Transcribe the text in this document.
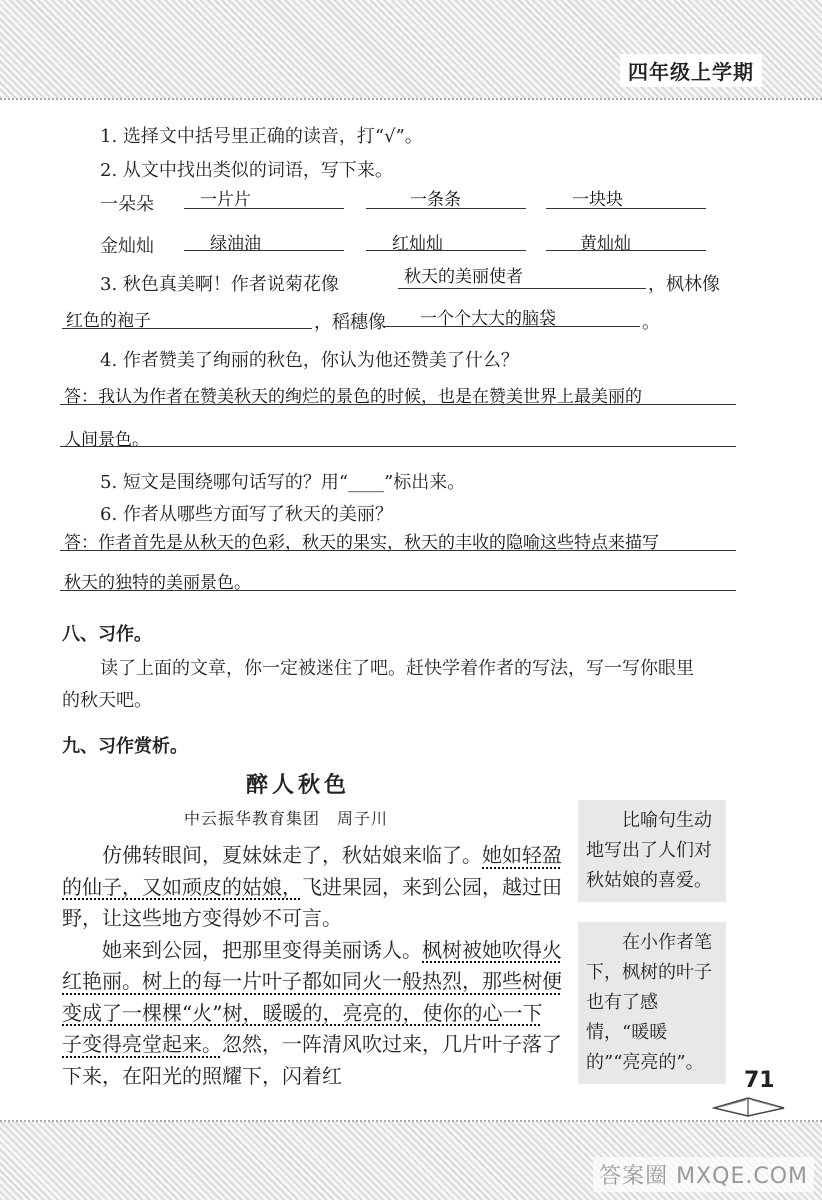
四年级上学期
1. 选择文中括号里正确的读音，打“√”。
2. 从文中找出类似的词语，写下来。
一朵朵	一片片	一条条	一块块
金灿灿	绿油油	红灿灿	黄灿灿
3. 秋色真美啊！作者说菊花像	秋天的美丽使者	，枫林像
红色的袍子	，稻穗像 一个个大大的脑袋	。
4. 作者赞美了绚丽的秋色，你认为他还赞美了什么？
答：我认为作者在赞美秋天的绚烂的景色的时候，也是在赞美世界上最美丽的
人间景色。
5. 短文是围绕哪句话写的？用“____”标出来。
6. 作者从哪些方面写了秋天的美丽？
答：作者首先是从秋天的色彩，秋天的果实，秋天的丰收的隐喻这些特点来描写
秋天的独特的美丽景色。
八、习作。
读了上面的文章，你一定被迷住了吧。赶快学着作者的写法，写一写你眼里
的秋天吧。
九、习作赏析。
醉人秋色
中云振华教育集团　周子川

仿佛转眼间，夏妹妹走了，秋姑娘来临了。她如轻盈的仙子，又如顽皮的姑娘，飞进果园，来到公园，越过田野，让这些地方变得妙不可言。

她来到公园，把那里变得美丽诱人。枫树被她吹得火红艳丽。树上的每一片叶子都如同火一般热烈，那些树便变成了一棵棵“火”树，暖暖的，亮亮的，使你的心一下子变得亮堂起来。忽然，一阵清风吹过来，几片叶子落了下来，在阳光的照耀下，闪着红

比喻句生动地写出了人们对秋姑娘的喜爱。
在小作者笔下，枫树的叶子也有了感情，“暖暖的”“亮亮的”。
71
答案圈 MXQE.COM
